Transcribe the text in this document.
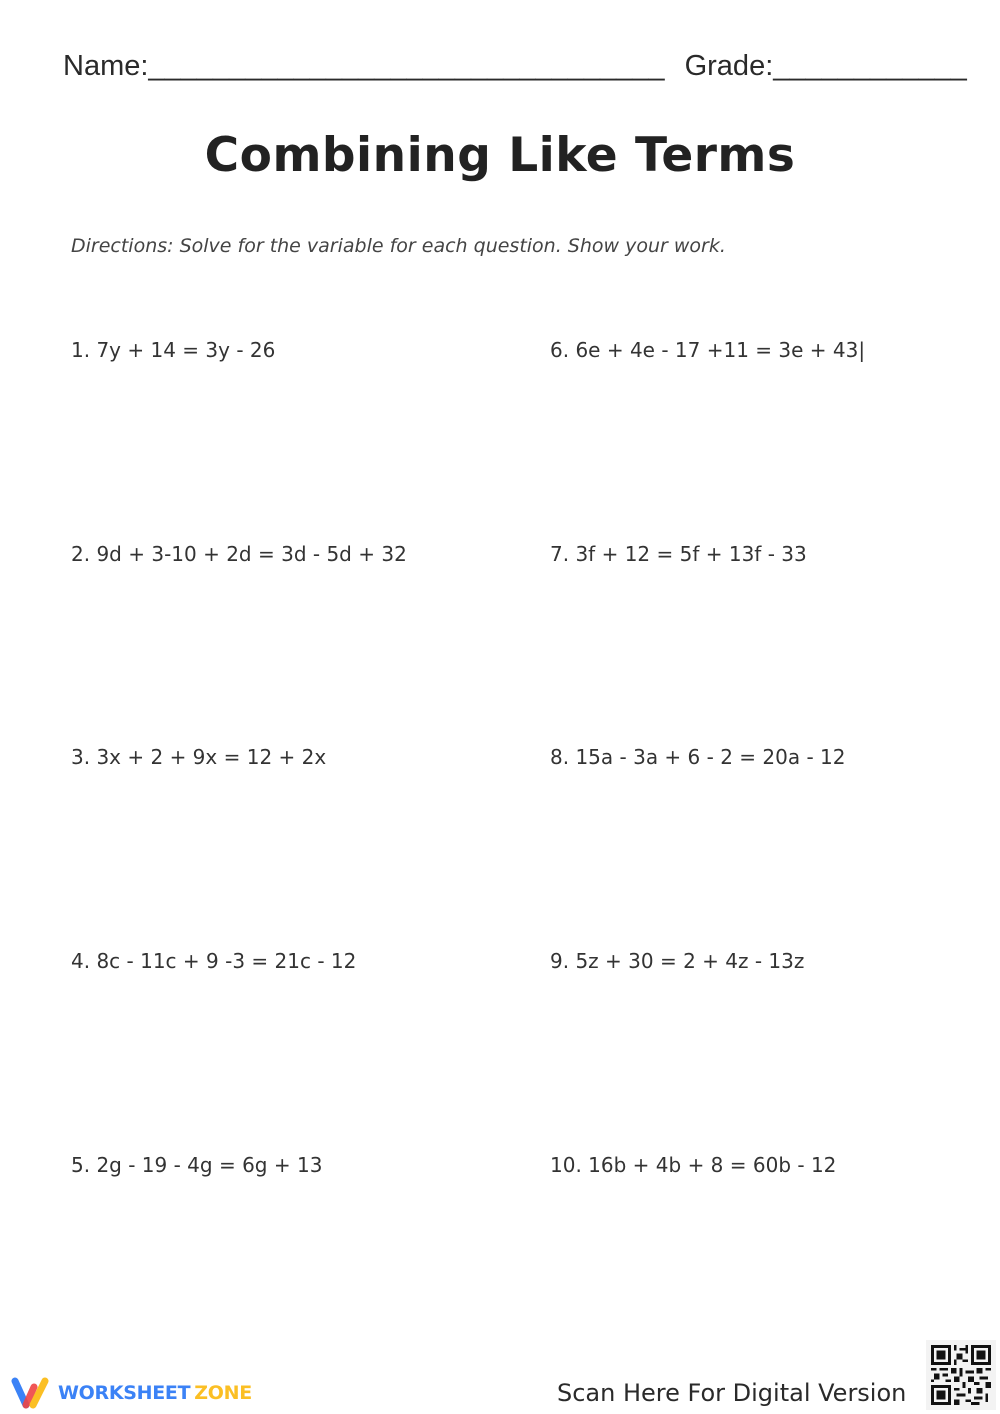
Name:________________________________ Grade:____________
Combining Like Terms
Directions: Solve for the variable for each question. Show your work.
1. 7y + 14 = 3y - 26
2. 9d + 3-10 + 2d = 3d - 5d + 32
3. 3x + 2 + 9x = 12 + 2x
4. 8c - 11c + 9 -3 = 21c - 12
5. 2g - 19 - 4g = 6g + 13
6. 6e + 4e - 17 +11 = 3e + 43|
7. 3f + 12 = 5f + 13f - 33
8. 15a - 3a + 6 - 2 = 20a - 12
9. 5z + 30 = 2 + 4z - 13z
10. 16b + 4b + 8 = 60b - 12
WORKSHEET ZONE	Scan Here For Digital Version
